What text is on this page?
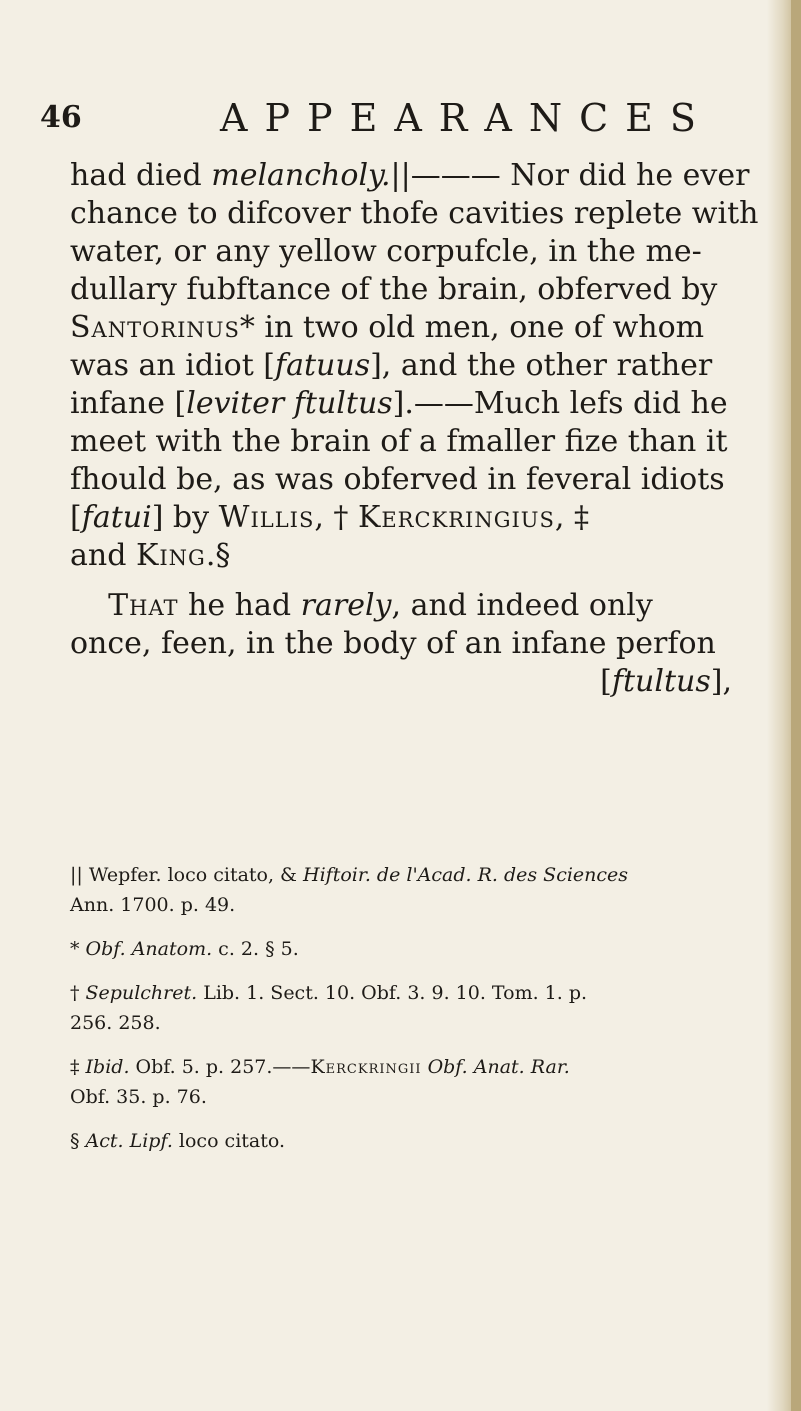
46	APPEARANCES

had died melancholy.||——— Nor did he ever
chance to difcover thofe cavities replete with
water, or any yellow corpufcle, in the me-
dullary fubftance of the brain, obferved by
Santorinus* in two old men, one of whom
was an idiot [fatuus], and the other rather
infane [leviter ftultus].——Much lefs did he
meet with the brain of a fmaller fize than it
fhould be, as was obferved in feveral idiots
[fatui] by Willis, † Kerckringius, ‡
and King.§

That he had rarely, and indeed only
once, feen, in the body of an infane perfon
[ftultus],

|| Wepfer. loco citato, & Hiftoir. de l'Acad. R. des Sciences
Ann. 1700. p. 49.

* Obf. Anatom. c. 2. § 5.

† Sepulchret. Lib. 1. Sect. 10. Obf. 3. 9. 10. Tom. 1. p.
256. 258.

‡ Ibid. Obf. 5. p. 257.——Kerckringii Obf. Anat. Rar.
Obf. 35. p. 76.

§ Act. Lipf. loco citato.
